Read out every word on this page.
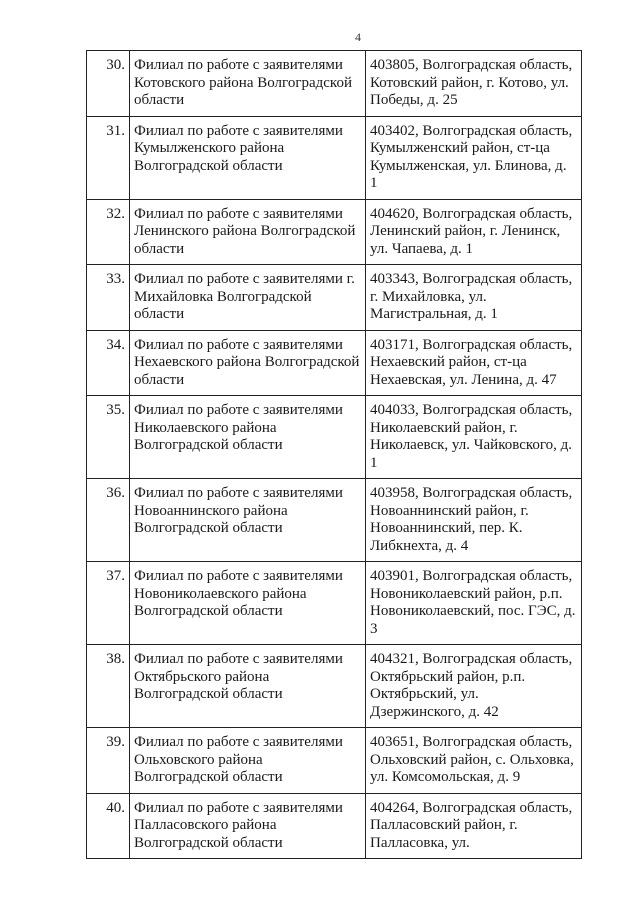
4
30.	Филиал по работе с заявителями Котовского района Волгоградской области	403805, Волгоградская область, Котовский район, г. Котово, ул. Победы, д. 25
31.	Филиал по работе с заявителями Кумылженского района Волгоградской области	403402, Волгоградская область, Кумылженский район, ст-ца Кумылженская, ул. Блинова, д. 1
32.	Филиал по работе с заявителями Ленинского района Волгоградской области	404620, Волгоградская область, Ленинский район, г. Ленинск, ул. Чапаева, д. 1
33.	Филиал по работе с заявителями г. Михайловка Волгоградской области	403343, Волгоградская область, г. Михайловка, ул. Магистральная, д. 1
34.	Филиал по работе с заявителями Нехаевского района Волгоградской области	403171, Волгоградская область, Нехаевский район, ст-ца Нехаевская, ул. Ленина, д. 47
35.	Филиал по работе с заявителями Николаевского района Волгоградской области	404033, Волгоградская область, Николаевский район, г. Николаевск, ул. Чайковского, д. 1
36.	Филиал по работе с заявителями Новоаннинского района Волгоградской области	403958, Волгоградская область, Новоаннинский район, г. Новоаннинский, пер. К. Либкнехта, д. 4
37.	Филиал по работе с заявителями Новониколаевского района Волгоградской области	403901, Волгоградская область, Новониколаевский район, р.п. Новониколаевский, пос. ГЭС, д. 3
38.	Филиал по работе с заявителями Октябрьского района Волгоградской области	404321, Волгоградская область, Октябрьский район, р.п. Октябрьский, ул. Дзержинского, д. 42
39.	Филиал по работе с заявителями Ольховского района Волгоградской области	403651, Волгоградская область, Ольховский район, с. Ольховка, ул. Комсомольская, д. 9
40.	Филиал по работе с заявителями Палласовского района Волгоградской области	404264, Волгоградская область, Палласовский район, г. Палласовка, ул.
